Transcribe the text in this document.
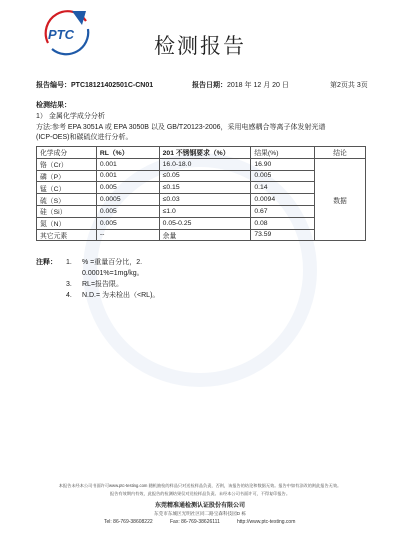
PTC	检测报告
报告编号：PTC18121402501C-CN01	报告日期：2018 年 12 月 20 日	第2页共 3页
检测结果：
1） 金属化学成分分析
方法:参考 EPA 3051A 或 EPA 3050B 以及 GB/T20123-2006，采用电感耦合等离子体发射光谱
(ICP-OES)和碳硫仪进行分析。
化学成分	RL（%）	201 不锈钢要求（%）	结果(%)	结论
铬（Cr）	0.001	16.0-18.0	16.90	数据
磷（P）	0.001	≤0.05	0.005	
锰（C）	0.005	≤0.15	0.14	
硫（S）	0.0005	≤0.03	0.0094	
硅（Si）	0.005	≤1.0	0.67	
氮（N）	0.005	0.05-0.25	0.08	
其它元素	--	余量	73.59	
注释：	1.	% =重量百分比，2.
0.0001%=1mg/kg。
3.	RL=报告限。
4.	N.D.= 为未检出（<RL)。
本报告未经本公司书面许可www.ptc-testing.com 随机抽检的样品只对送检样品负责，否则，该报告的结论和数据无效。报告中如有涂改的则此报告无效。
报告有效期内有效，此报告的检测结果仅对送检样品负责。未经本公司书面许可，不得复印报告。
东莞精准通检测认证股份有限公司
东莞市东城区光明社区同二路宝森科技园D 栋
Tel: 86-769-38608222	Fax: 86-769-38626111	http://www.ptc-testing.com
